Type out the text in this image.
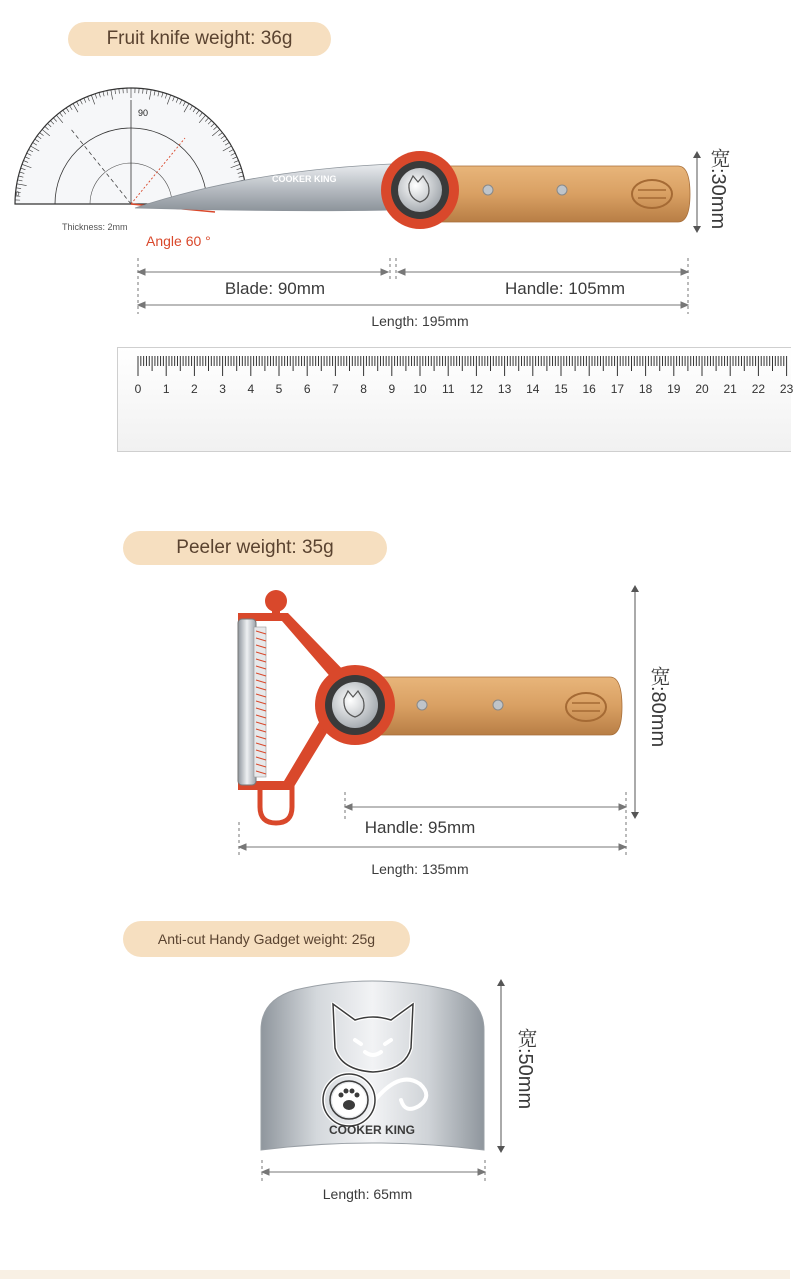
Fruit knife weight: 36g
90
0
Thickness: 2mm
Angle 60 °
COOKER KING	宽:30mm
Blade: 90mm	Handle: 105mm
Length: 195mm
0 1 2 3 4 5 6 7 8 9 10 11 12 13 14 15 16 17 18 19 20 21 22 23
Peeler weight: 35g
宽:80mm
Handle: 95mm
Length: 135mm
Anti-cut Handy Gadget weight: 25g
COOKER KING
宽:50mm
Length: 65mm
